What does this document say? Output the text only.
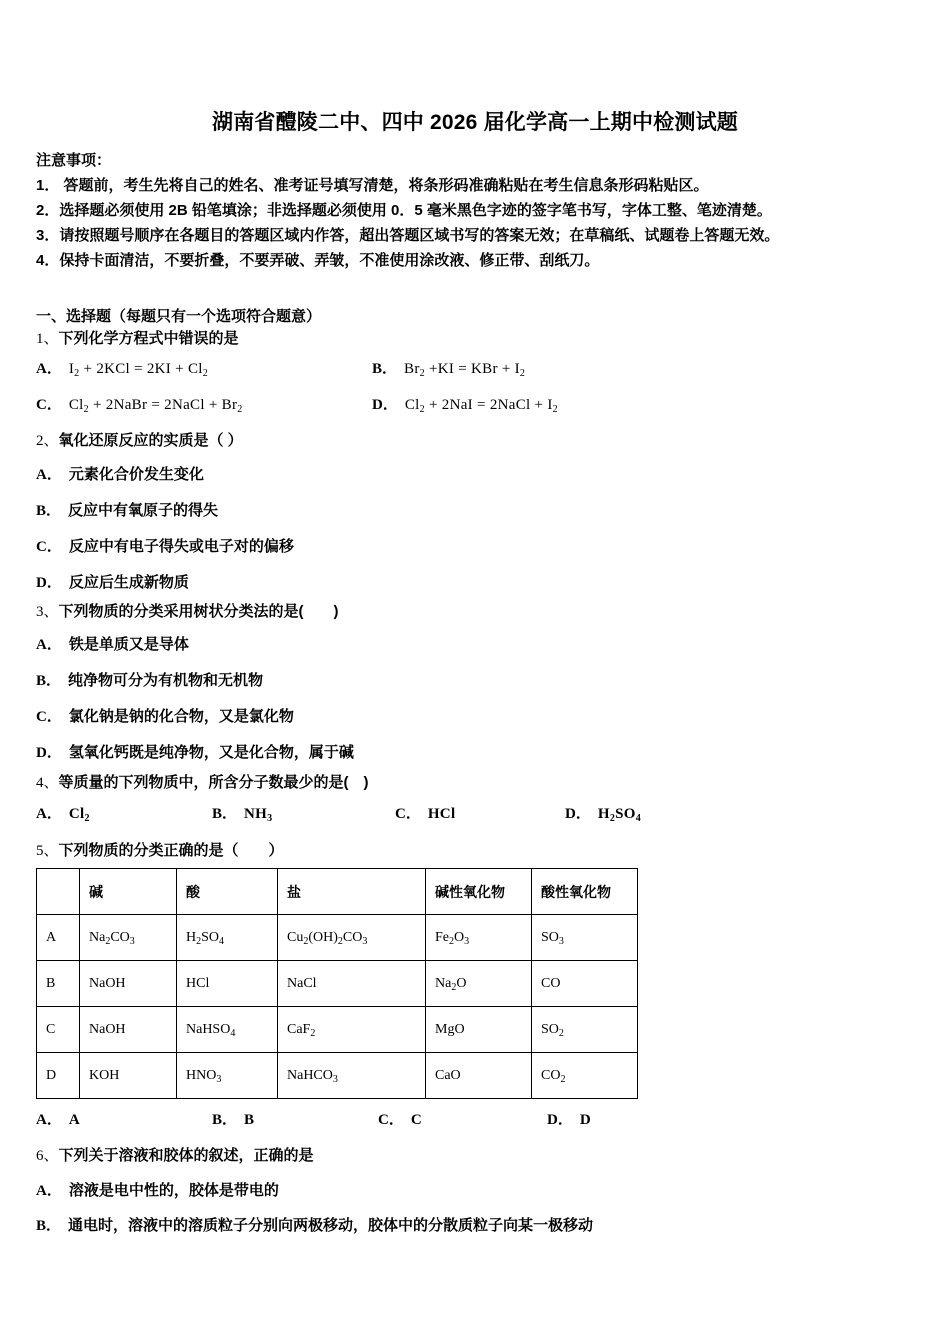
湖南省醴陵二中、四中 2026 届化学高一上期中检测试题
注意事项：
1． 答题前，考生先将自己的姓名、准考证号填写清楚，将条形码准确粘贴在考生信息条形码粘贴区。
2．选择题必须使用 2B 铅笔填涂；非选择题必须使用 0．5 毫米黑色字迹的签字笔书写，字体工整、笔迹清楚。
3．请按照题号顺序在各题目的答题区域内作答，超出答题区域书写的答案无效；在草稿纸、试题卷上答题无效。
4．保持卡面清洁，不要折叠，不要弄破、弄皱，不准使用涂改液、修正带、刮纸刀。
一、选择题（每题只有一个选项符合题意）
1、下列化学方程式中错误的是
A． $I_2 + 2KCl = 2KI + Cl_2$	B． $Br_2 +KI$ = KBr + $I_2$
C． $Cl_2$ + 2NaBr = 2NaCl + $Br_2$	D． $Cl_2 + 2NaI$ = 2NaCl + $I_2$
2、氧化还原反应的实质是（ ）
A． 元素化合价发生变化
B． 反应中有氧原子的得失
C． 反应中有电子得失或电子对的偏移
D． 反应后生成新物质
3、下列物质的分类采用树状分类法的是(　　)
A． 铁是单质又是导体
B． 纯净物可分为有机物和无机物
C． 氯化钠是钠的化合物，又是氯化物
D． 氢氧化钙既是纯净物，又是化合物，属于碱
4、等质量的下列物质中，所含分子数最少的是(　)
A． $Cl_2$	B． $NH_3$	C． HCl	D． $H_2SO_4$
5、下列物质的分类正确的是（　　）
	碱	酸	盐	碱性氧化物	酸性氧化物
A	$Na_2CO_3$	$H_2SO_4$	$Cu_2(OH)_2CO_3$	$Fe_2O_3$	$SO_3$
B	NaOH	HCl	NaCl	$Na_2O$	CO
C	NaOH	NaHSO$_4$	CaF$_2$	MgO	$SO_2$
D	KOH	$HNO_3$	NaHCO$_3$	CaO	$CO_2$
A． A	B． B	C． C	D． D
6、下列关于溶液和胶体的叙述，正确的是
A． 溶液是电中性的，胶体是带电的
B． 通电时，溶液中的溶质粒子分别向两极移动，胶体中的分散质粒子向某一极移动
